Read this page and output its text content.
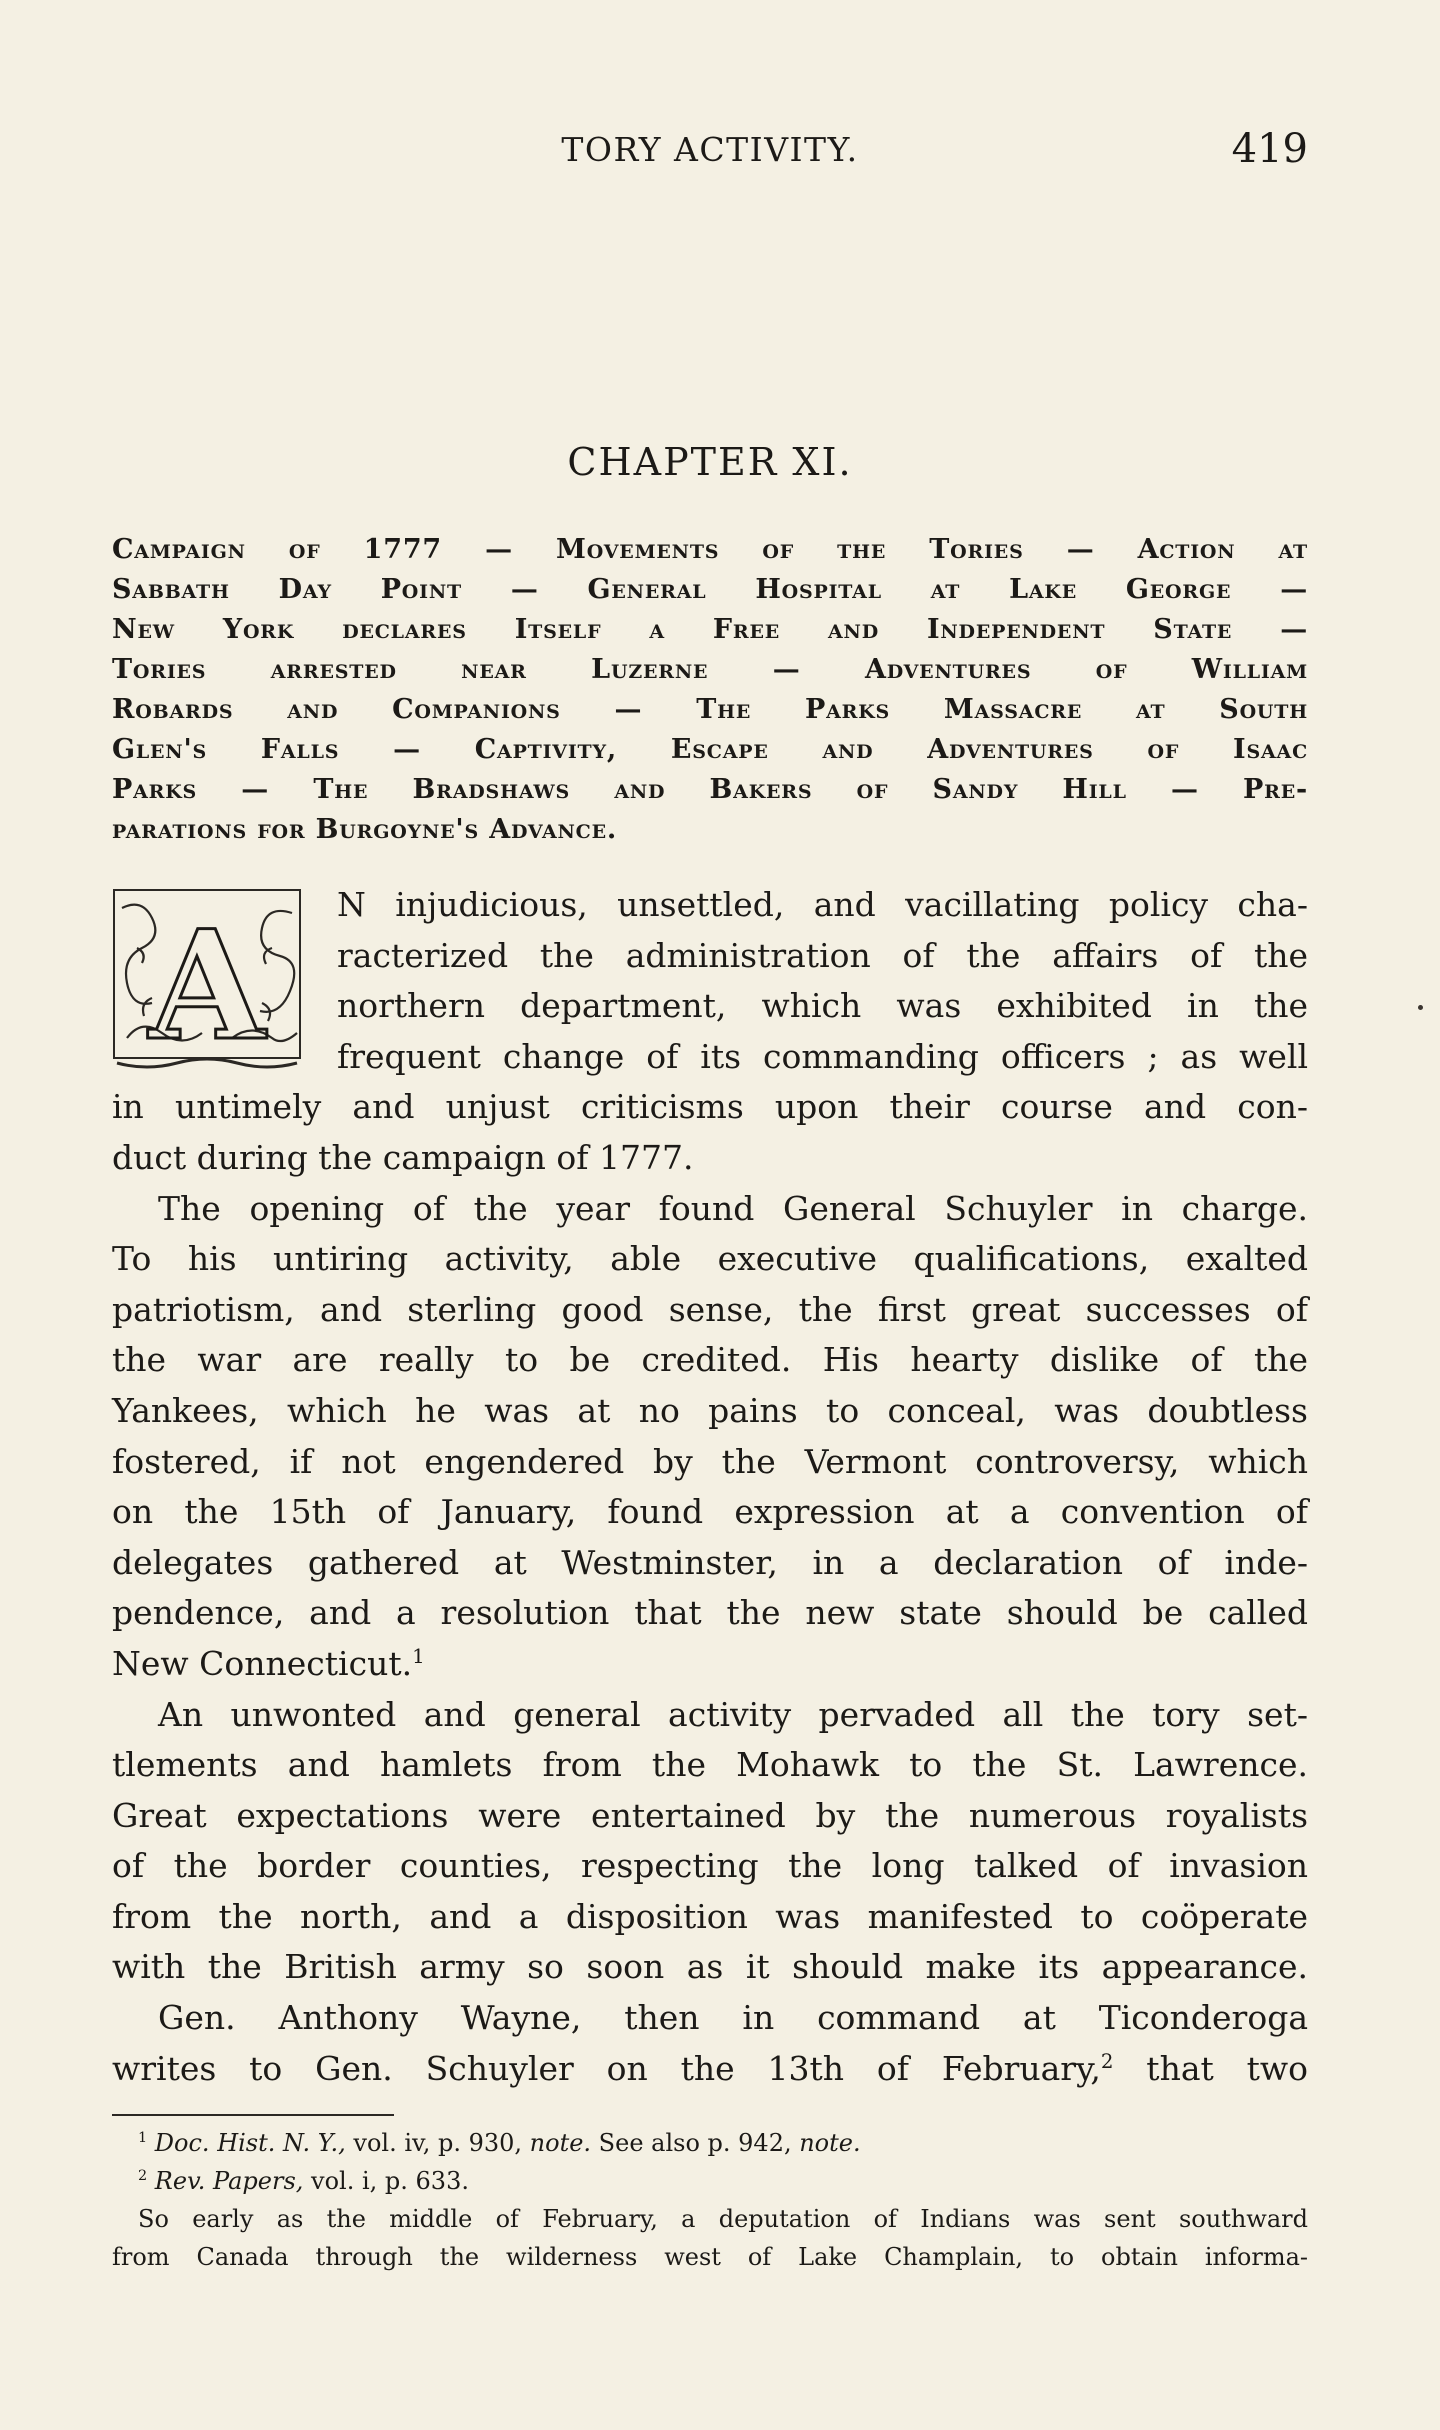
TORY ACTIVITY.	419
CHAPTER XI.
Campaign of 1777 — Movements of the Tories — Action at
Sabbath Day Point — General Hospital at Lake George —
New York declares Itself a Free and Independent State —
Tories arrested near Luzerne — Adventures of William
Robards and Companions — The Parks Massacre at South
Glen's Falls — Captivity, Escape and Adventures of Isaac
Parks — The Bradshaws and Bakers of Sandy Hill — Pre-
parations for Burgoyne's Advance.
A	N injudicious, unsettled, and vacillating policy cha-
racterized the administration of the affairs of the
northern department, which was exhibited in the
frequent change of its commanding officers ; as well
in untimely and unjust criticisms upon their course and con-
duct during the campaign of 1777.
The opening of the year found General Schuyler in charge.
To his untiring activity, able executive qualifications, exalted
patriotism, and sterling good sense, the first great successes of
the war are really to be credited. His hearty dislike of the
Yankees, which he was at no pains to conceal, was doubtless
fostered, if not engendered by the Vermont controversy, which
on the 15th of January, found expression at a convention of
delegates gathered at Westminster, in a declaration of inde-
pendence, and a resolution that the new state should be called
New Connecticut.$^1$
An unwonted and general activity pervaded all the tory set-
tlements and hamlets from the Mohawk to the St. Lawrence.
Great expectations were entertained by the numerous royalists
of the border counties, respecting the long talked of invasion
from the north, and a disposition was manifested to coöperate
with the British army so soon as it should make its appearance.
Gen. Anthony Wayne, then in command at Ticonderoga
writes to Gen. Schuyler on the 13th of February,$^2$ that two
$^1$ Doc. Hist. N. Y., vol. iv, p. 930, note. See also p. 942, note.
$^2$ Rev. Papers, vol. i, p. 633.
So early as the middle of February, a deputation of Indians was sent southward
from Canada through the wilderness west of Lake Champlain, to obtain informa-
